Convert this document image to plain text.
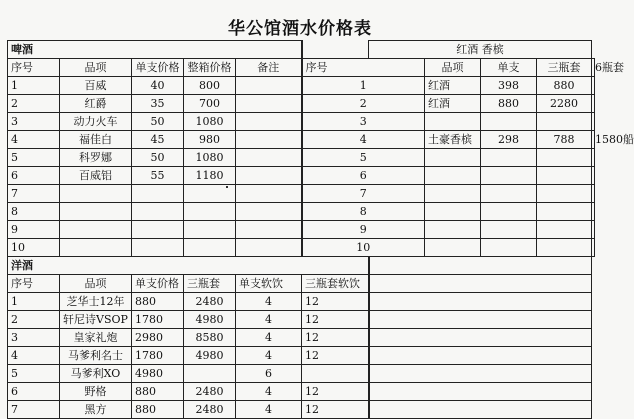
华公馆酒水价格表
啤酒						红酒 香槟				
序号	品项	单支价格	整箱价格	备注	序号		品项	单支	三瓶套	6瓶套
1	百威	40	800		1		红酒	398	880	
2	红爵	35	700		2		红酒	880	2280	
3	动力火车	50	1080		3					
4	福佳白	45	980		4		土豪香槟	298	788	1580船
5	科罗娜	50	1080		5					
6	百威铝	55	1180		6					
7					7					
8					8					
9					9					
10					10					
洋酒										
序号	品项	单支价格	三瓶套	单支软饮	三瓶套软饮					
1	芝华士12年	880	2480	4	12					
2	轩尼诗VSOP	1780	4980	4	12					
3	皇家礼炮	2980	8580	4	12					
4	马爹利名士	1780	4980	4	12					
5	马爹利XO	4980		6						
6	野格	880	2480	4	12					
7	黑方	880	2480	4	12					
